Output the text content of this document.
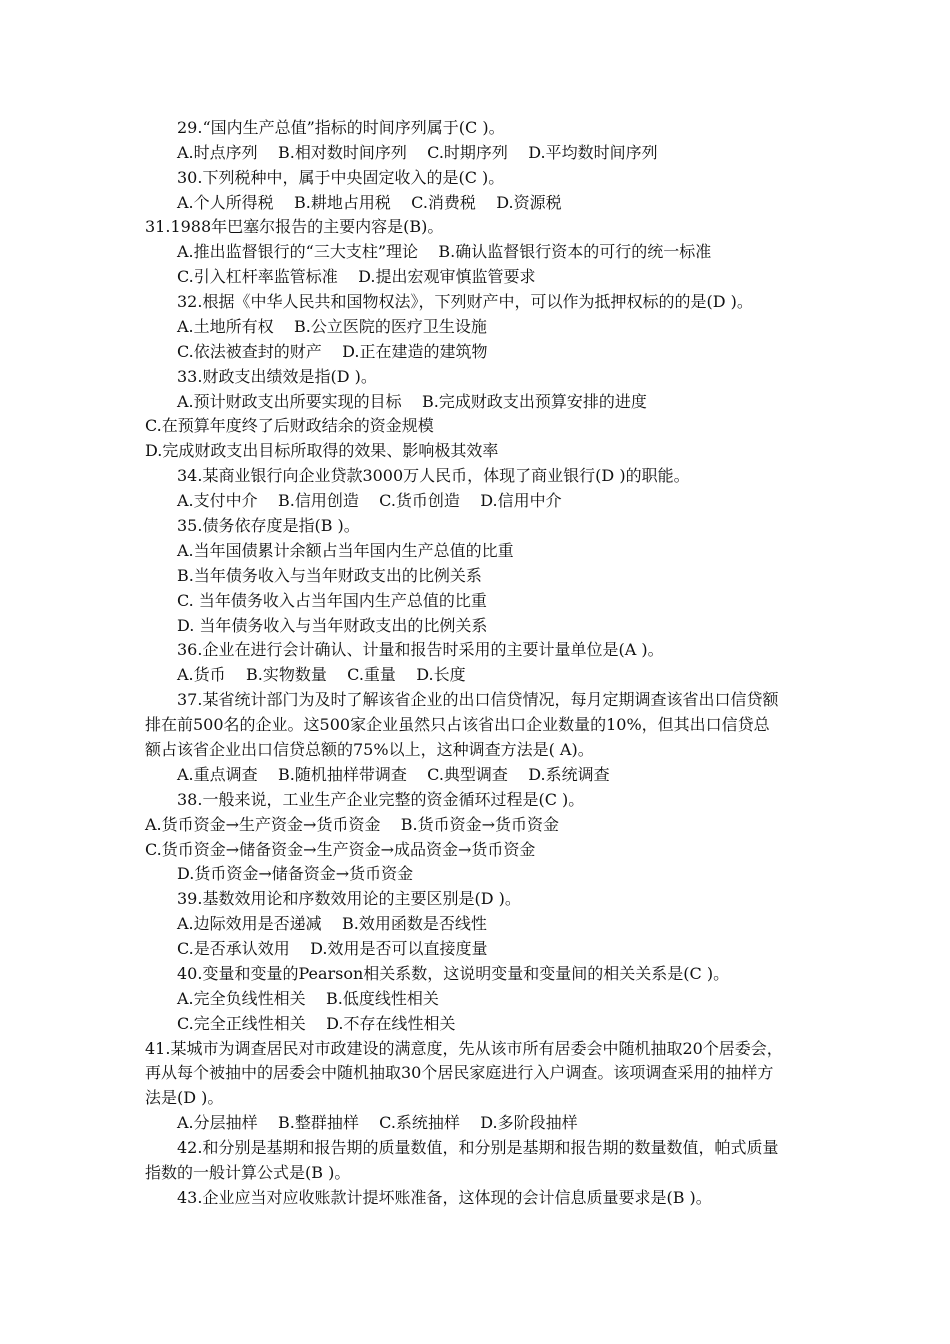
29.“国内生产总值”指标的时间序列属于(C )。
A.时点序列    B.相对数时间序列    C.时期序列    D.平均数时间序列
30.下列税种中，属于中央固定收入的是(C )。
A.个人所得税    B.耕地占用税    C.消费税    D.资源税
31.1988年巴塞尔报告的主要内容是(B)。
A.推出监督银行的“三大支柱”理论    B.确认监督银行资本的可行的统一标准
C.引入杠杆率监管标准    D.提出宏观审慎监管要求
32.根据《中华人民共和国物权法》，下列财产中，可以作为抵押权标的的是(D )。
A.土地所有权    B.公立医院的医疗卫生设施
C.依法被查封的财产    D.正在建造的建筑物
33.财政支出绩效是指(D )。
A.预计财政支出所要实现的目标    B.完成财政支出预算安排的进度
C.在预算年度终了后财政结余的资金规模
D.完成财政支出目标所取得的效果、影响极其效率
34.某商业银行向企业贷款3000万人民币，体现了商业银行(D )的职能。
A.支付中介    B.信用创造    C.货币创造    D.信用中介
35.债务依存度是指(B )。
A.当年国债累计余额占当年国内生产总值的比重
B.当年债务收入与当年财政支出的比例关系
C. 当年债务收入占当年国内生产总值的比重
D. 当年债务收入与当年财政支出的比例关系
36.企业在进行会计确认、计量和报告时采用的主要计量单位是(A )。
A.货币    B.实物数量    C.重量    D.长度
37.某省统计部门为及时了解该省企业的出口信贷情况，每月定期调查该省出口信贷额
排在前500名的企业。这500家企业虽然只占该省出口企业数量的10%，但其出口信贷总
额占该省企业出口信贷总额的75%以上，这种调查方法是( A)。
A.重点调查    B.随机抽样带调查    C.典型调查    D.系统调查
38.一般来说，工业生产企业完整的资金循环过程是(C )。
A.货币资金→生产资金→货币资金    B.货币资金→货币资金
C.货币资金→储备资金→生产资金→成品资金→货币资金
D.货币资金→储备资金→货币资金
39.基数效用论和序数效用论的主要区别是(D )。
A.边际效用是否递减    B.效用函数是否线性
C.是否承认效用    D.效用是否可以直接度量
40.变量和变量的Pearson相关系数，这说明变量和变量间的相关关系是(C )。
A.完全负线性相关    B.低度线性相关
C.完全正线性相关    D.不存在线性相关
41.某城市为调查居民对市政建设的满意度，先从该市所有居委会中随机抽取20个居委会，
再从每个被抽中的居委会中随机抽取30个居民家庭进行入户调查。该项调查采用的抽样方
法是(D )。
A.分层抽样    B.整群抽样    C.系统抽样    D.多阶段抽样
42.和分别是基期和报告期的质量数值，和分别是基期和报告期的数量数值，帕式质量
指数的一般计算公式是(B )。
43.企业应当对应收账款计提坏账准备，这体现的会计信息质量要求是(B )。
